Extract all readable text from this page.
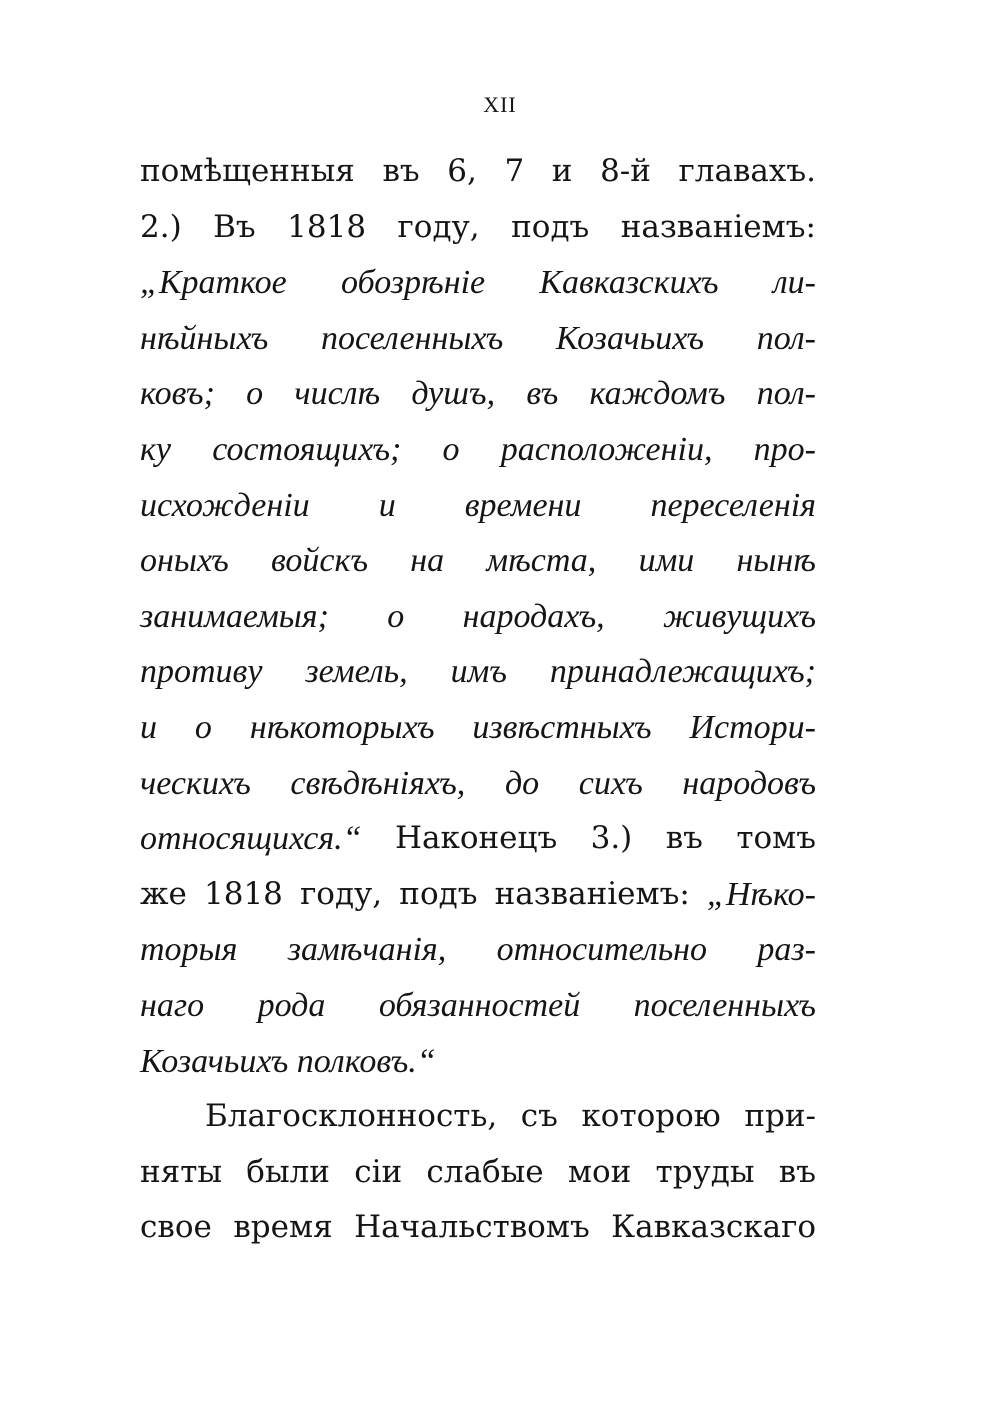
XII
помѣщенныя въ 6, 7 и 8-й главахъ.
2.) Въ 1818 году, подъ названіемъ:
„Краткое обозрѣніе Кавказскихъ ли-
нѣйныхъ поселенныхъ Козачьихъ пол-
ковъ; о числѣ душъ, въ каждомъ пол-
ку состоящихъ; о расположеніи, про-
исхожденіи и времени переселенія
оныхъ войскъ на мѣста, ими нынѣ
занимаемыя; о народахъ, живущихъ
противу земель, имъ принадлежащихъ;
и о нѣкоторыхъ извѣстныхъ Истори-
ческихъ свѣдѣніяхъ, до сихъ народовъ
относящихся.“ Наконецъ 3.) въ томъ
же 1818 году, подъ названіемъ: „Нѣко-
торыя замѣчанія, относительно раз-
наго рода обязанностей поселенныхъ
Козачьихъ полковъ.“
Благосклонность, съ которою при-
няты были сіи слабые мои труды въ
свое время Начальствомъ Кавказскаго
